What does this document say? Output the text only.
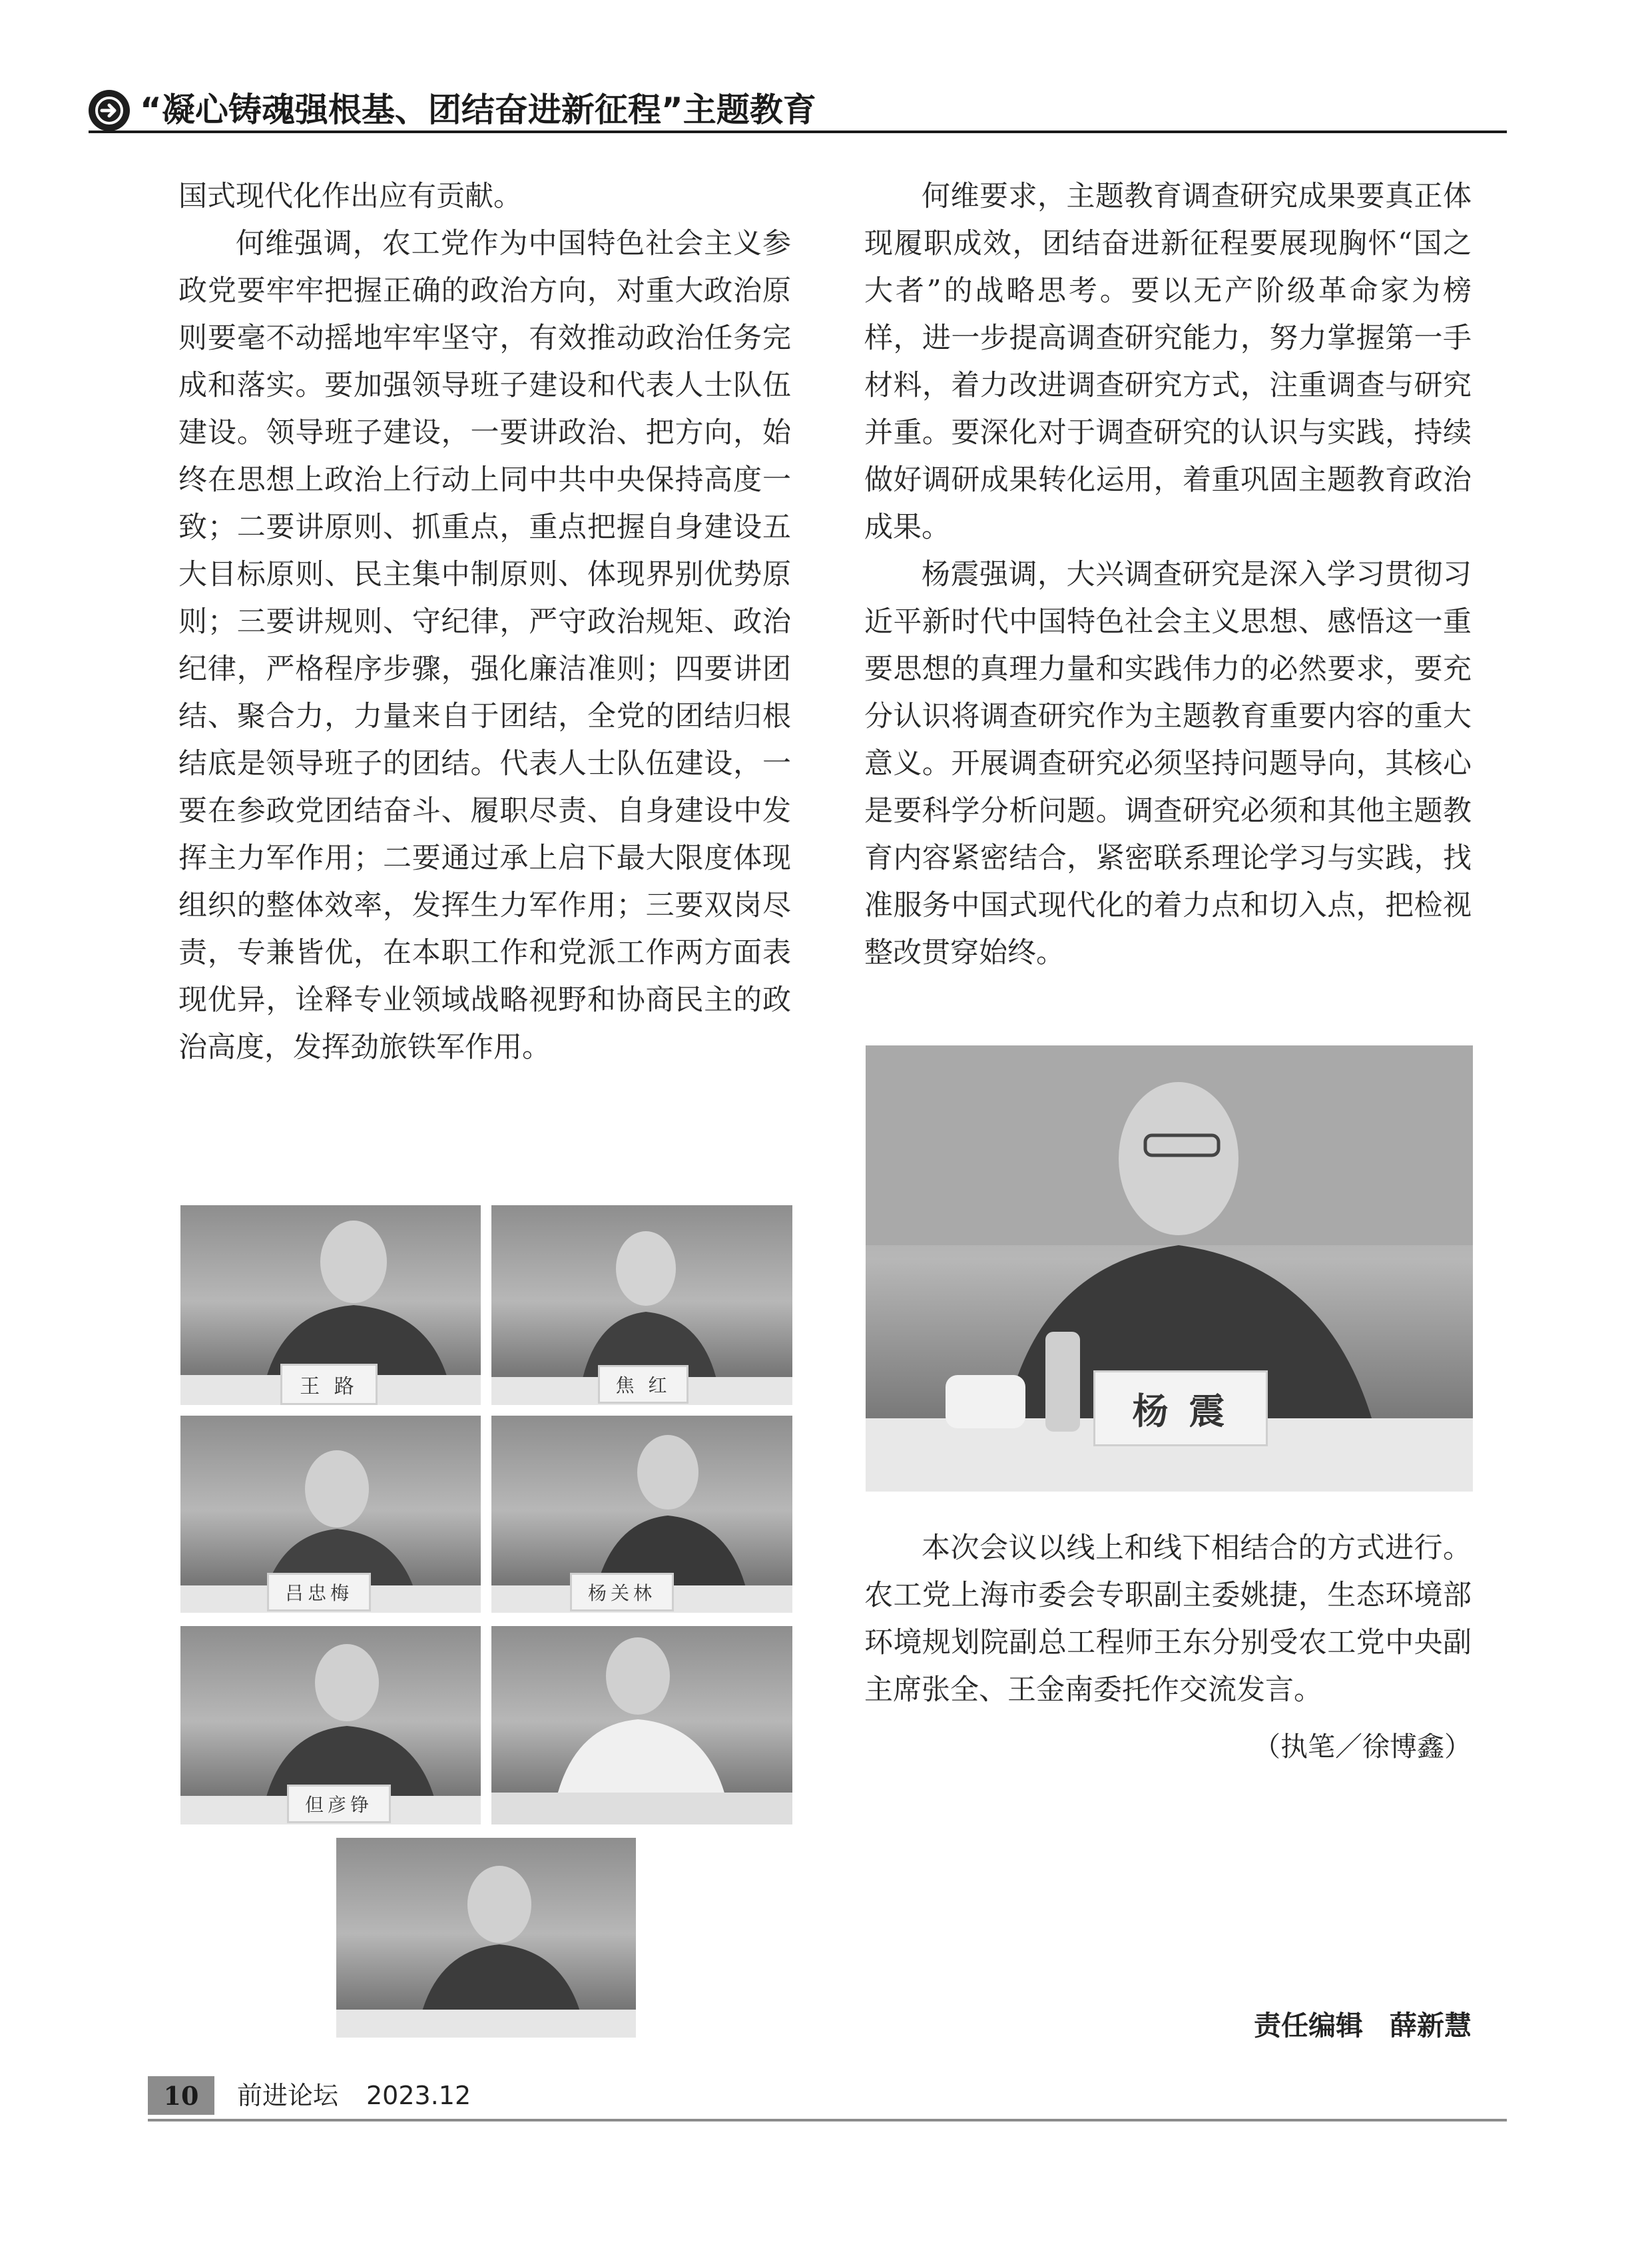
“凝心铸魂强根基、团结奋进新征程”主题教育

国式现代化作出应有贡献。

何维强调，农工党作为中国特色社会主义参政党要牢牢把握正确的政治方向，对重大政治原则要毫不动摇地牢牢坚守，有效推动政治任务完成和落实。要加强领导班子建设和代表人士队伍建设。领导班子建设，一要讲政治、把方向，始终在思想上政治上行动上同中共中央保持高度一致；二要讲原则、抓重点，重点把握自身建设五大目标原则、民主集中制原则、体现界别优势原则；三要讲规则、守纪律，严守政治规矩、政治纪律，严格程序步骤，强化廉洁准则；四要讲团结、聚合力，力量来自于团结，全党的团结归根结底是领导班子的团结。代表人士队伍建设，一要在参政党团结奋斗、履职尽责、自身建设中发挥主力军作用；二要通过承上启下最大限度体现组织的整体效率，发挥生力军作用；三要双岗尽责，专兼皆优，在本职工作和党派工作两方面表现优异，诠释专业领域战略视野和协商民主的政治高度，发挥劲旅铁军作用。

何维要求，主题教育调查研究成果要真正体现履职成效，团结奋进新征程要展现胸怀“国之大者”的战略思考。要以无产阶级革命家为榜样，进一步提高调查研究能力，努力掌握第一手材料，着力改进调查研究方式，注重调查与研究并重。要深化对于调查研究的认识与实践，持续做好调研成果转化运用，着重巩固主题教育政治成果。

杨震强调，大兴调查研究是深入学习贯彻习近平新时代中国特色社会主义思想、感悟这一重要思想的真理力量和实践伟力的必然要求，要充分认识将调查研究作为主题教育重要内容的重大意义。开展调查研究必须坚持问题导向，其核心是要科学分析问题。调查研究必须和其他主题教育内容紧密结合，紧密联系理论学习与实践，找准服务中国式现代化的着力点和切入点，把检视整改贯穿始终。

杨 震
王 路	焦 红
吕忠梅	杨关林
但彦铮

本次会议以线上和线下相结合的方式进行。农工党上海市委会专职副主委姚捷，生态环境部环境规划院副总工程师王东分别受农工党中央副主席张全、王金南委托作交流发言。

（执笔／徐博鑫）
责任编辑 薛新慧
10	前进论坛 2023.12
